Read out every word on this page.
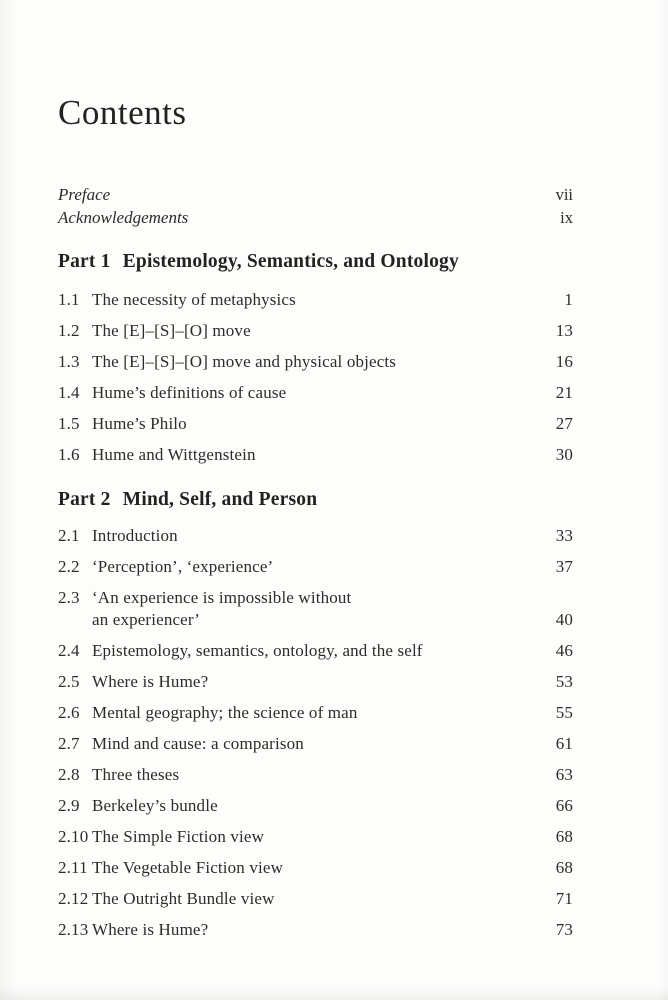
Contents
Preface	vii
Acknowledgements	ix
Part 1 Epistemology, Semantics, and Ontology
1.1 The necessity of metaphysics	1
1.2 The [E]–[S]–[O] move	13
1.3 The [E]–[S]–[O] move and physical objects	16
1.4 Hume’s definitions of cause	21
1.5 Hume’s Philo	27
1.6 Hume and Wittgenstein	30
Part 2 Mind, Self, and Person
2.1 Introduction	33
2.2 ‘Perception’, ‘experience’	37
2.3 ‘An experience is impossible without
an experiencer’	40
2.4 Epistemology, semantics, ontology, and the self	46
2.5 Where is Hume?	53
2.6 Mental geography; the science of man	55
2.7 Mind and cause: a comparison	61
2.8 Three theses	63
2.9 Berkeley’s bundle	66
2.10 The Simple Fiction view	68
2.11 The Vegetable Fiction view	68
2.12 The Outright Bundle view	71
2.13 Where is Hume?	73
